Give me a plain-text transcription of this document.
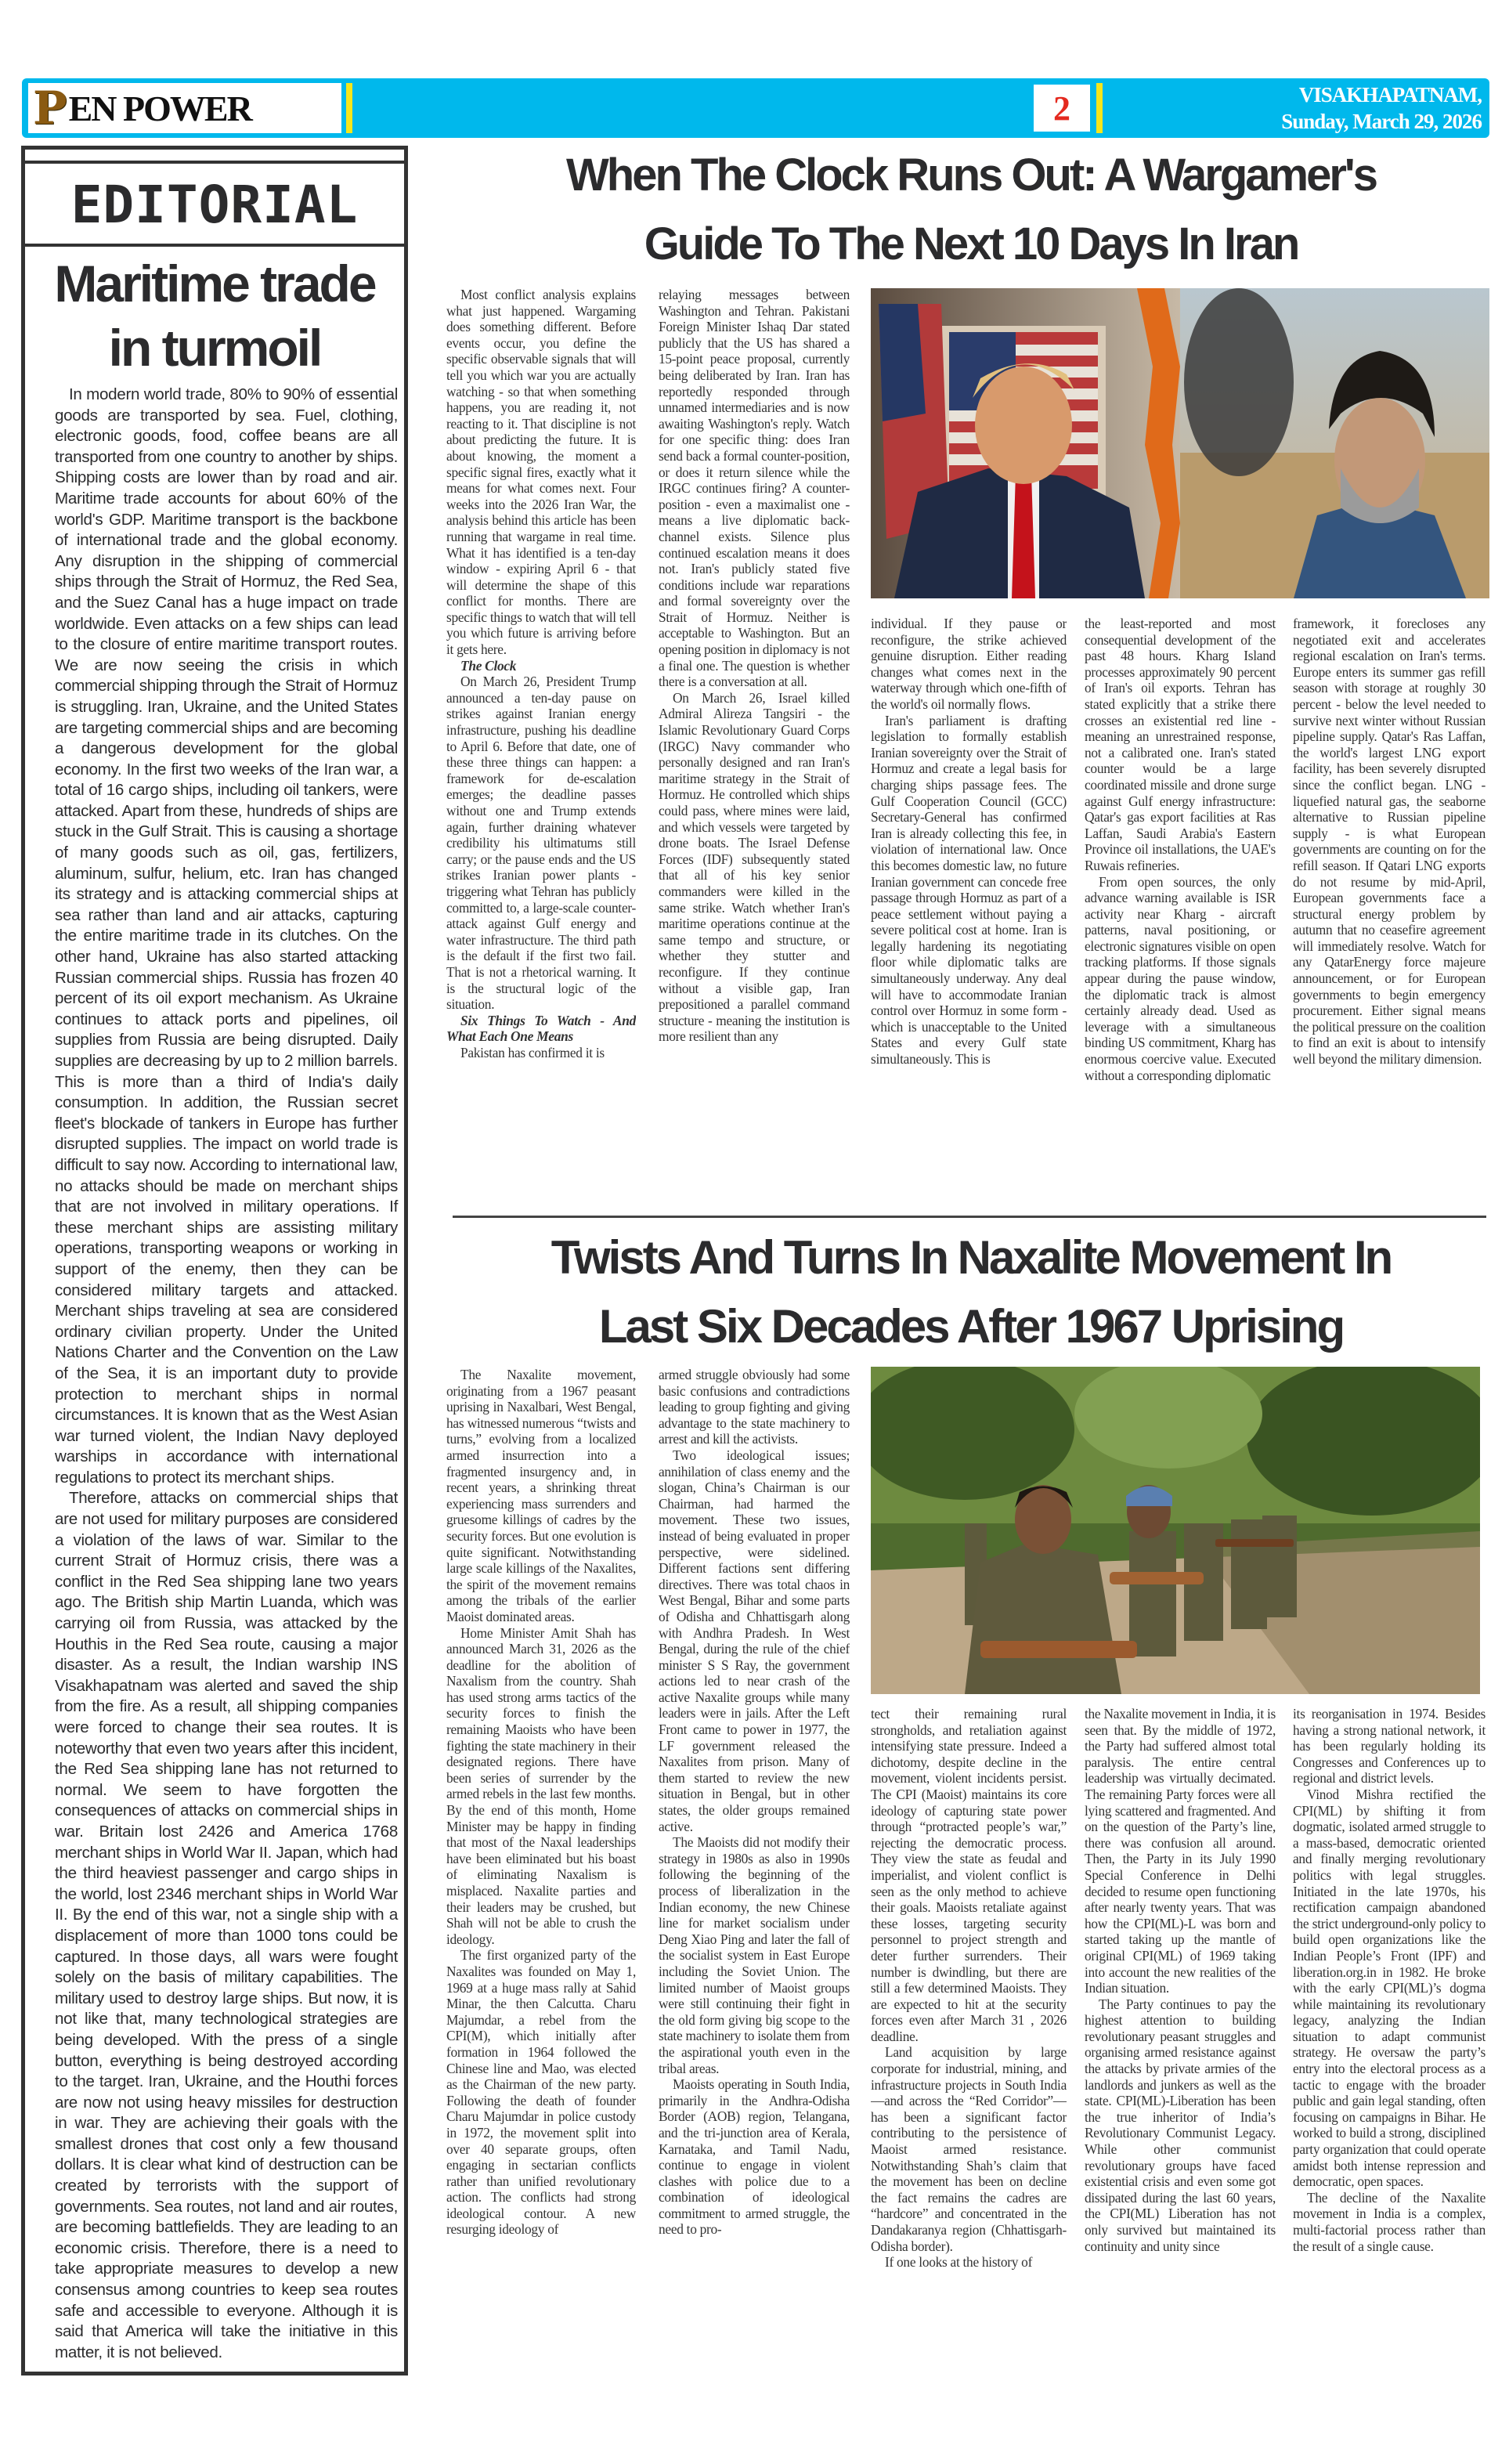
P EN POWER	2	VISAKHAPATNAM,
Sunday, March 29, 2026
EDITORIAL
Maritime trade
in turmoil

In modern world trade, 80% to 90% of essential goods are transported by sea. Fuel, clothing, electronic goods, food, coffee beans are all transported from one country to another by ships. Shipping costs are lower than by road and air. Maritime trade accounts for about 60% of the world's GDP. Maritime transport is the backbone of international trade and the global economy. Any disruption in the shipping of commercial ships through the Strait of Hormuz, the Red Sea, and the Suez Canal has a huge impact on trade worldwide. Even attacks on a few ships can lead to the closure of entire maritime transport routes. We are now seeing the crisis in which commercial shipping through the Strait of Hormuz is struggling. Iran, Ukraine, and the United States are targeting commercial ships and are becoming a dangerous development for the global economy. In the first two weeks of the Iran war, a total of 16 cargo ships, including oil tankers, were attacked. Apart from these, hundreds of ships are stuck in the Gulf Strait. This is causing a shortage of many goods such as oil, gas, fertilizers, aluminum, sulfur, helium, etc. Iran has changed its strategy and is attacking commercial ships at sea rather than land and air attacks, capturing the entire maritime trade in its clutches. On the other hand, Ukraine has also started attacking Russian commercial ships. Russia has frozen 40 percent of its oil export mechanism. As Ukraine continues to attack ports and pipelines, oil supplies from Russia are being disrupted. Daily supplies are decreasing by up to 2 million barrels. This is more than a third of India's daily consumption. In addition, the Russian secret fleet's blockade of tankers in Europe has further disrupted supplies. The impact on world trade is difficult to say now. According to international law, no attacks should be made on merchant ships that are not involved in military operations. If these merchant ships are assisting military operations, transporting weapons or working in support of the enemy, then they can be considered military targets and attacked. Merchant ships traveling at sea are considered ordinary civilian property. Under the United Nations Charter and the Convention on the Law of the Sea, it is an important duty to provide protection to merchant ships in normal circumstances. It is known that as the West Asian war turned violent, the Indian Navy deployed warships in accordance with international regulations to protect its merchant ships.

Therefore, attacks on commercial ships that are not used for military purposes are considered a violation of the laws of war. Similar to the current Strait of Hormuz crisis, there was a conflict in the Red Sea shipping lane two years ago. The British ship Martin Luanda, which was carrying oil from Russia, was attacked by the Houthis in the Red Sea route, causing a major disaster. As a result, the Indian warship INS Visakhapatnam was alerted and saved the ship from the fire. As a result, all shipping companies were forced to change their sea routes. It is noteworthy that even two years after this incident, the Red Sea shipping lane has not returned to normal. We seem to have forgotten the consequences of attacks on commercial ships in war. Britain lost 2426 and America 1768 merchant ships in World War II. Japan, which had the third heaviest passenger and cargo ships in the world, lost 2346 merchant ships in World War II. By the end of this war, not a single ship with a displacement of more than 1000 tons could be captured. In those days, all wars were fought solely on the basis of military capabilities. The military used to destroy large ships. But now, it is not like that, many technological strategies are being developed. With the press of a single button, everything is being destroyed according to the target. Iran, Ukraine, and the Houthi forces are now not using heavy missiles for destruction in war. They are achieving their goals with the smallest drones that cost only a few thousand dollars. It is clear what kind of destruction can be created by terrorists with the support of governments. Sea routes, not land and air routes, are becoming battlefields. They are leading to an economic crisis. Therefore, there is a need to take appropriate measures to develop a new consensus among countries to keep sea routes safe and accessible to everyone. Although it is said that America will take the initiative in this matter, it is not believed.

When The Clock Runs Out: A Wargamer's
Guide To The Next 10 Days In Iran

Most conflict analysis explains what just happened. Wargaming does something different. Before events occur, you define the specific observable signals that will tell you which war you are actually watching - so that when something happens, you are reading it, not reacting to it. That discipline is not about predicting the future. It is about knowing, the moment a specific signal fires, exactly what it means for what comes next. Four weeks into the 2026 Iran War, the analysis behind this article has been running that wargame in real time. What it has identified is a ten-day window - expiring April 6 - that will determine the shape of this conflict for months. There are specific things to watch that will tell you which future is arriving before it gets here.

The Clock

On March 26, President Trump announced a ten-day pause on strikes against Iranian energy infrastructure, pushing his deadline to April 6. Before that date, one of these three things can happen: a framework for de-escalation emerges; the deadline passes without one and Trump extends again, further draining whatever credibility his ultimatums still carry; or the pause ends and the US strikes Iranian power plants - triggering what Tehran has publicly committed to, a large-scale counter-attack against Gulf energy and water infrastructure. The third path is the default if the first two fail. That is not a rhetorical warning. It is the structural logic of the situation.

Six Things To Watch - And What Each One Means

Pakistan has confirmed it is

relaying messages between Washington and Tehran. Pakistani Foreign Minister Ishaq Dar stated publicly that the US has shared a 15-point peace proposal, currently being deliberated by Iran. Iran has reportedly responded through unnamed intermediaries and is now awaiting Washington's reply. Watch for one specific thing: does Iran send back a formal counter-position, or does it return silence while the IRGC continues firing? A counter-position - even a maximalist one - means a live diplomatic back-channel exists. Silence plus continued escalation means it does not. Iran's publicly stated five conditions include war reparations and formal sovereignty over the Strait of Hormuz. Neither is acceptable to Washington. But an opening position in diplomacy is not a final one. The question is whether there is a conversation at all.

On March 26, Israel killed Admiral Alireza Tangsiri - the Islamic Revolutionary Guard Corps (IRGC) Navy commander who personally designed and ran Iran's maritime strategy in the Strait of Hormuz. He controlled which ships could pass, where mines were laid, and which vessels were targeted by drone boats. The Israel Defense Forces (IDF) subsequently stated that all of his key senior commanders were killed in the same strike. Watch whether Iran's maritime operations continue at the same tempo and structure, or whether they stutter and reconfigure. If they continue without a visible gap, Iran prepositioned a parallel command structure - meaning the institution is more resilient than any

individual. If they pause or reconfigure, the strike achieved genuine disruption. Either reading changes what comes next in the waterway through which one-fifth of the world's oil normally flows.

Iran's parliament is drafting legislation to formally establish Iranian sovereignty over the Strait of Hormuz and create a legal basis for charging ships passage fees. The Gulf Cooperation Council (GCC) Secretary-General has confirmed Iran is already collecting this fee, in violation of international law. Once this becomes domestic law, no future Iranian government can concede free passage through Hormuz as part of a peace settlement without paying a severe political cost at home. Iran is legally hardening its negotiating floor while diplomatic talks are simultaneously underway. Any deal will have to accommodate Iranian control over Hormuz in some form - which is unacceptable to the United States and every Gulf state simultaneously. This is

the least-reported and most consequential development of the past 48 hours. Kharg Island processes approximately 90 percent of Iran's oil exports. Tehran has stated explicitly that a strike there crosses an existential red line - meaning an unrestrained response, not a calibrated one. Iran's stated counter would be a large coordinated missile and drone surge against Gulf energy infrastructure: Qatar's gas export facilities at Ras Laffan, Saudi Arabia's Eastern Province oil installations, the UAE's Ruwais refineries.

From open sources, the only advance warning available is ISR activity near Kharg - aircraft patterns, naval positioning, or electronic signatures visible on open tracking platforms. If those signals appear during the pause window, the diplomatic track is almost certainly already dead. Used as leverage with a simultaneous binding US commitment, Kharg has enormous coercive value. Executed without a corresponding diplomatic

framework, it forecloses any negotiated exit and accelerates regional escalation on Iran's terms. Europe enters its summer gas refill season with storage at roughly 30 percent - below the level needed to survive next winter without Russian pipeline supply. Qatar's Ras Laffan, the world's largest LNG export facility, has been severely disrupted since the conflict began. LNG - liquefied natural gas, the seaborne alternative to Russian pipeline supply - is what European governments are counting on for the refill season. If Qatari LNG exports do not resume by mid-April, European governments face a structural energy problem by autumn that no ceasefire agreement will immediately resolve. Watch for any QatarEnergy force majeure announcement, or for European governments to begin emergency procurement. Either signal means the political pressure on the coalition to find an exit is about to intensify well beyond the military dimension.

Twists And Turns In Naxalite Movement In
Last Six Decades After 1967 Uprising

The Naxalite movement, originating from a 1967 peasant uprising in Naxalbari, West Bengal, has witnessed numerous “twists and turns,” evolving from a localized armed insurrection into a fragmented insurgency and, in recent years, a shrinking threat experiencing mass surrenders and gruesome killings of cadres by the security forces. But one evolution is quite significant. Notwithstanding large scale killings of the Naxalites, the spirit of the movement remains among the tribals of the earlier Maoist dominated areas.

Home Minister Amit Shah has announced March 31, 2026 as the deadline for the abolition of Naxalism from the country. Shah has used strong arms tactics of the security forces to finish the remaining Maoists who have been fighting the state machinery in their designated regions. There have been series of surrender by the armed rebels in the last few months. By the end of this month, Home Minister may be happy in finding that most of the Naxal leaderships have been eliminated but his boast of eliminating Naxalism is misplaced. Naxalite parties and their leaders may be crushed, but Shah will not be able to crush the ideology.

The first organized party of the Naxalites was founded on May 1, 1969 at a huge mass rally at Sahid Minar, the then Calcutta. Charu Majumdar, a rebel from the CPI(M), which initially after formation in 1964 followed the Chinese line and Mao, was elected as the Chairman of the new party. Following the death of founder Charu Majumdar in police custody in 1972, the movement split into over 40 separate groups, often engaging in sectarian conflicts rather than unified revolutionary action. The conflicts had strong ideological contour. A new resurging ideology of

armed struggle obviously had some basic confusions and contradictions leading to group fighting and giving advantage to the state machinery to arrest and kill the activists.

Two ideological issues; annihilation of class enemy and the slogan, China’s Chairman is our Chairman, had harmed the movement. These two issues, instead of being evaluated in proper perspective, were sidelined. Different factions sent differing directives. There was total chaos in West Bengal, Bihar and some parts of Odisha and Chhattisgarh along with Andhra Pradesh. In West Bengal, during the rule of the chief minister S S Ray, the government actions led to near crash of the active Naxalite groups while many leaders were in jails. After the Left Front came to power in 1977, the LF government released the Naxalites from prison. Many of them started to review the new situation in Bengal, but in other states, the older groups remained active.

The Maoists did not modify their strategy in 1980s as also in 1990s following the beginning of the process of liberalization in the Indian economy, the new Chinese line for market socialism under Deng Xiao Ping and later the fall of the socialist system in East Europe including the Soviet Union. The limited number of Maoist groups were still continuing their fight in the old form giving big scope to the state machinery to isolate them from the aspirational youth even in the tribal areas.

Maoists operating in South India, primarily in the Andhra-Odisha Border (AOB) region, Telangana, and the tri-junction area of Kerala, Karnataka, and Tamil Nadu, continue to engage in violent clashes with police due to a combination of ideological commitment to armed struggle, the need to pro-

tect their remaining rural strongholds, and retaliation against intensifying state pressure. Indeed a dichotomy, despite decline in the movement, violent incidents persist. The CPI (Maoist) maintains its core ideology of capturing state power through “protracted people’s war,” rejecting the democratic process. They view the state as feudal and imperialist, and violent conflict is seen as the only method to achieve their goals. Maoists retaliate against these losses, targeting security personnel to project strength and deter further surrenders. Their number is dwindling, but there are still a few determined Maoists. They are expected to hit at the security forces even after March 31 , 2026 deadline.

Land acquisition by large corporate for industrial, mining, and infrastructure projects in South India—and across the “Red Corridor”—has been a significant factor contributing to the persistence of Maoist armed resistance. Notwithstanding Shah’s claim that the movement has been on decline the fact remains the cadres are “hardcore” and concentrated in the Dandakaranya region (Chhattisgarh-Odisha border).

If one looks at the history of

the Naxalite movement in India, it is seen that. By the middle of 1972, the Party had suffered almost total paralysis. The entire central leadership was virtually decimated. The remaining Party forces were all lying scattered and fragmented. And on the question of the Party’s line, there was confusion all around. Then, the Party in its July 1990 Special Conference in Delhi decided to resume open functioning after nearly twenty years. That was how the CPI(ML)-L was born and started taking up the mantle of original CPI(ML) of 1969 taking into account the new realities of the Indian situation.

The Party continues to pay the highest attention to building revolutionary peasant struggles and organising armed resistance against the attacks by private armies of the landlords and junkers as well as the state. CPI(ML)-Liberation has been the true inheritor of India’s Revolutionary Communist Legacy. While other communist revolutionary groups have faced existential crisis and even some got dissipated during the last 60 years, the CPI(ML) Liberation has not only survived but maintained its continuity and unity since

its reorganisation in 1974. Besides having a strong national network, it has been regularly holding its Congresses and Conferences up to regional and district levels.

Vinod Mishra rectified the CPI(ML) by shifting it from dogmatic, isolated armed struggle to a mass-based, democratic oriented and finally merging revolutionary politics with legal struggles. Initiated in the late 1970s, his rectification campaign abandoned the strict underground-only policy to build open organizations like the Indian People’s Front (IPF) and liberation.org.in in 1982. He broke with the early CPI(ML)’s dogma while maintaining its revolutionary legacy, analyzing the Indian situation to adapt communist strategy. He oversaw the party’s entry into the electoral process as a tactic to engage with the broader public and gain legal standing, often focusing on campaigns in Bihar. He worked to build a strong, disciplined party organization that could operate amidst both intense repression and democratic, open spaces.

The decline of the Naxalite movement in India is a complex, multi-factorial process rather than the result of a single cause.
